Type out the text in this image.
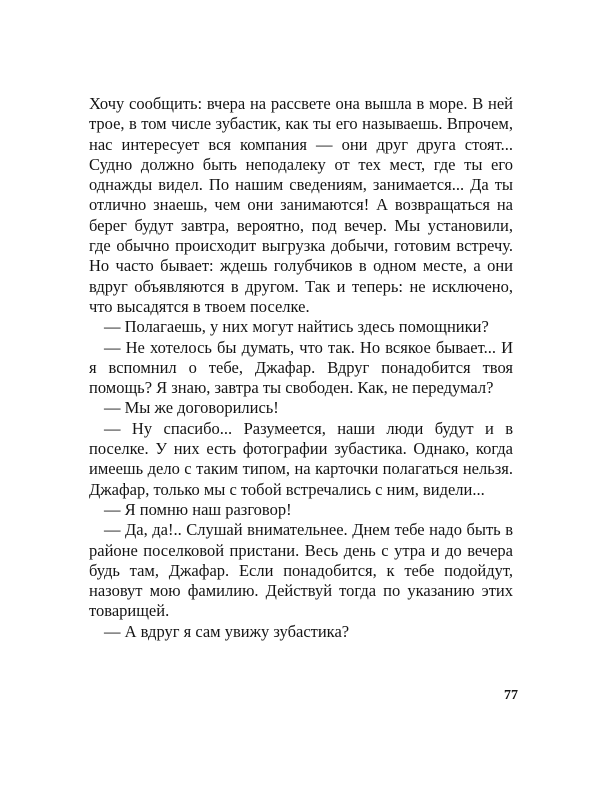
Хочу сообщить: вчера на рассвете она вышла в море. В ней трое, в том числе зубастик, как ты его называешь. Впрочем, нас интересует вся компания — они друг друга стоят... Судно должно быть неподалеку от тех мест, где ты его однажды видел. По нашим сведениям, занимается... Да ты отлично знаешь, чем они занимаются! А возвращаться на берег будут завтра, вероятно, под вечер. Мы установили, где обычно происходит выгрузка добычи, готовим встречу. Но часто бывает: ждешь голубчиков в одном месте, а они вдруг объявляются в другом. Так и теперь: не исключено, что высадятся в твоем поселке.

— Полагаешь, у них могут найтись здесь помощники?

— Не хотелось бы думать, что так. Но всякое бывает... И я вспомнил о тебе, Джафар. Вдруг понадобится твоя помощь? Я знаю, завтра ты свободен. Как, не передумал?

— Мы же договорились!

— Ну спасибо... Разумеется, наши люди будут и в поселке. У них есть фотографии зубастика. Однако, когда имеешь дело с таким типом, на карточки полагаться нельзя. Джафар, только мы с тобой встречались с ним, видели...

— Я помню наш разговор!

— Да, да!.. Слушай внимательнее. Днем тебе надо быть в районе поселковой пристани. Весь день с утра и до вечера будь там, Джафар. Если понадобится, к тебе подойдут, назовут мою фамилию. Действуй тогда по указанию этих товарищей.

— А вдруг я сам увижу зубастика?

77
